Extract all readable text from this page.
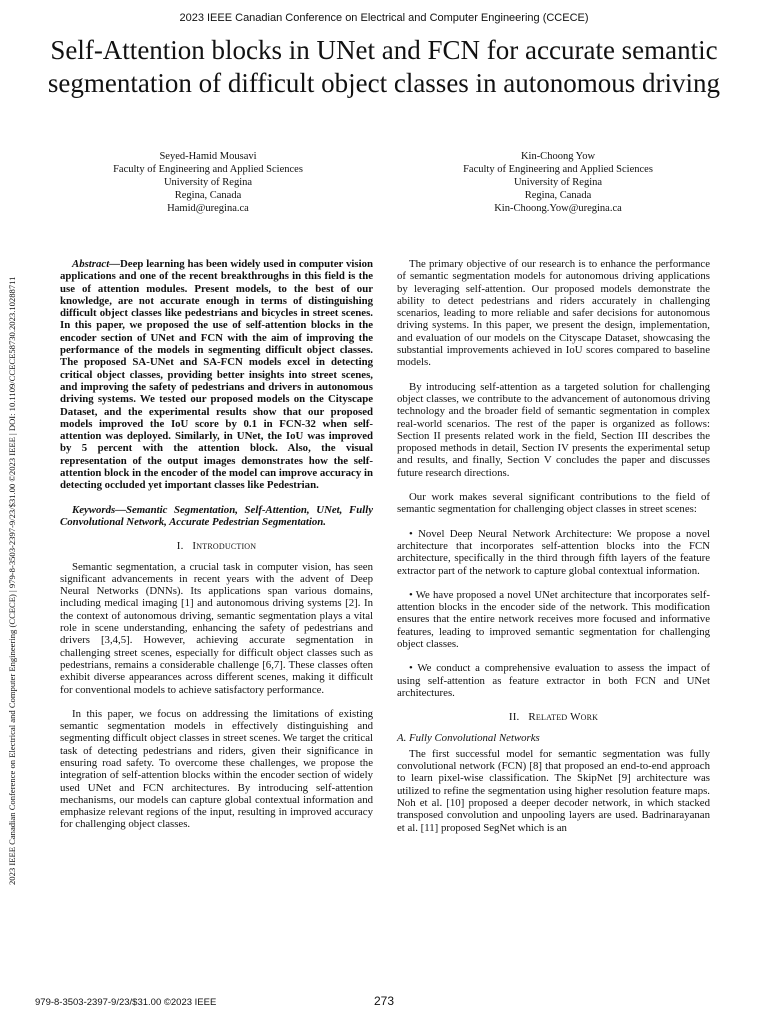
2023 IEEE Canadian Conference on Electrical and Computer Engineering (CCECE)
Self-Attention blocks in UNet and FCN for accurate semantic segmentation of difficult object classes in autonomous driving
Seyed-Hamid Mousavi
Faculty of Engineering and Applied Sciences
University of Regina
Regina, Canada
Hamid@uregina.ca
Kin-Choong Yow
Faculty of Engineering and Applied Sciences
University of Regina
Regina, Canada
Kin-Choong.Yow@uregina.ca
2023 IEEE Canadian Conference on Electrical and Computer Engineering (CCECE) | 979-8-3503-2397-9/23/$31.00 ©2023 IEEE | DOI: 10.1109/CCECE58730.2023.10288711

Abstract—Deep learning has been widely used in computer vision applications and one of the recent breakthroughs in this field is the use of attention modules. Present models, to the best of our knowledge, are not accurate enough in terms of distinguishing difficult object classes like pedestrians and bicycles in street scenes. In this paper, we proposed the use of self-attention blocks in the encoder section of UNet and FCN with the aim of improving the performance of the models in segmenting difficult object classes. The proposed SA-UNet and SA-FCN models excel in detecting critical object classes, providing better insights into street scenes, and improving the safety of pedestrians and drivers in autonomous driving systems. We tested our proposed models on the Cityscape Dataset, and the experimental results show that our proposed models improved the IoU score by 0.1 in FCN-32 when self-attention was deployed. Similarly, in UNet, the IoU was improved by 5 percent with the attention block. Also, the visual representation of the output images demonstrates how the self-attention block in the encoder of the model can improve accuracy in detecting occluded yet important classes like Pedestrian.

Keywords—Semantic Segmentation, Self-Attention, UNet, Fully Convolutional Network, Accurate Pedestrian Segmentation.

I. Introduction

Semantic segmentation, a crucial task in computer vision, has seen significant advancements in recent years with the advent of Deep Neural Networks (DNNs). Its applications span various domains, including medical imaging [1] and autonomous driving systems [2]. In the context of autonomous driving, semantic segmentation plays a vital role in scene understanding, enhancing the safety of pedestrians and drivers [3,4,5]. However, achieving accurate segmentation in challenging street scenes, especially for difficult object classes such as pedestrians, remains a considerable challenge [6,7]. These classes often exhibit diverse appearances across different scenes, making it difficult for conventional models to achieve satisfactory performance.

In this paper, we focus on addressing the limitations of existing semantic segmentation models in effectively distinguishing and segmenting difficult object classes in street scenes. We target the critical task of detecting pedestrians and riders, given their significance in ensuring road safety. To overcome these challenges, we propose the integration of self-attention blocks within the encoder section of widely used UNet and FCN architectures. By introducing self-attention mechanisms, our models can capture global contextual information and emphasize relevant regions of the input, resulting in improved accuracy for challenging object classes.

The primary objective of our research is to enhance the performance of semantic segmentation models for autonomous driving applications by leveraging self-attention. Our proposed models demonstrate the ability to detect pedestrians and riders accurately in challenging scenarios, leading to more reliable and safer decisions for autonomous driving systems. In this paper, we present the design, implementation, and evaluation of our models on the Cityscape Dataset, showcasing the substantial improvements achieved in IoU scores compared to baseline models.

By introducing self-attention as a targeted solution for challenging object classes, we contribute to the advancement of autonomous driving technology and the broader field of semantic segmentation in complex real-world scenarios. The rest of the paper is organized as follows: Section II presents related work in the field, Section III describes the proposed methods in detail, Section IV presents the experimental setup and results, and finally, Section V concludes the paper and discusses future research directions.

Our work makes several significant contributions to the field of semantic segmentation for challenging object classes in street scenes:

• Novel Deep Neural Network Architecture: We propose a novel architecture that incorporates self-attention blocks into the FCN architecture, specifically in the third through fifth layers of the feature extractor part of the network to capture global contextual information.

• We have proposed a novel UNet architecture that incorporates self-attention blocks in the encoder side of the network. This modification ensures that the entire network receives more focused and informative features, leading to improved semantic segmentation for challenging object classes.

• We conduct a comprehensive evaluation to assess the impact of using self-attention as feature extractor in both FCN and UNet architectures.

II. Related Work
A. Fully Convolutional Networks

The first successful model for semantic segmentation was fully convolutional network (FCN) [8] that proposed an end-to-end approach to learn pixel-wise classification. The SkipNet [9] architecture was utilized to refine the segmentation using higher resolution feature maps. Noh et al. [10] proposed a deeper decoder network, in which stacked transposed convolution and unpooling layers are used. Badrinarayanan et al. [11] proposed SegNet which is an

979-8-3503-2397-9/23/$31.00 ©2023 IEEE	273
